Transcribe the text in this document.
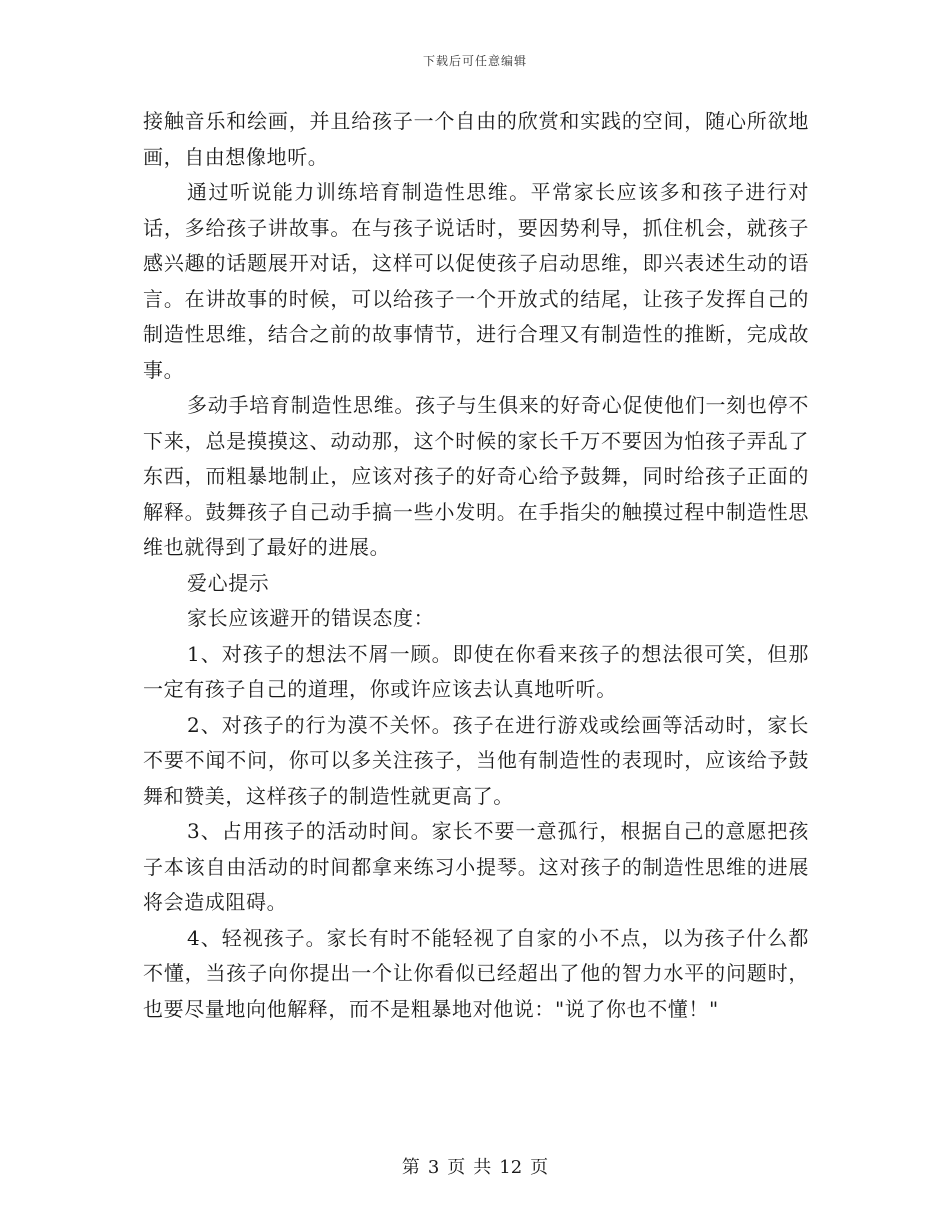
下载后可任意编辑

接触音乐和绘画，并且给孩子一个自由的欣赏和实践的空间，随心所欲地画，自由想像地听。

通过听说能力训练培育制造性思维。平常家长应该多和孩子进行对话，多给孩子讲故事。在与孩子说话时，要因势利导，抓住机会，就孩子感兴趣的话题展开对话，这样可以促使孩子启动思维，即兴表述生动的语言。在讲故事的时候，可以给孩子一个开放式的结尾，让孩子发挥自己的制造性思维，结合之前的故事情节，进行合理又有制造性的推断，完成故事。

多动手培育制造性思维。孩子与生俱来的好奇心促使他们一刻也停不下来，总是摸摸这、动动那，这个时候的家长千万不要因为怕孩子弄乱了东西，而粗暴地制止，应该对孩子的好奇心给予鼓舞，同时给孩子正面的解释。鼓舞孩子自己动手搞一些小发明。在手指尖的触摸过程中制造性思维也就得到了最好的进展。

爱心提示

家长应该避开的错误态度：

1、对孩子的想法不屑一顾。即使在你看来孩子的想法很可笑，但那一定有孩子自己的道理，你或许应该去认真地听听。

2、对孩子的行为漠不关怀。孩子在进行游戏或绘画等活动时，家长不要不闻不问，你可以多关注孩子，当他有制造性的表现时，应该给予鼓舞和赞美，这样孩子的制造性就更高了。

3、占用孩子的活动时间。家长不要一意孤行，根据自己的意愿把孩子本该自由活动的时间都拿来练习小提琴。这对孩子的制造性思维的进展将会造成阻碍。

4、轻视孩子。家长有时不能轻视了自家的小不点，以为孩子什么都不懂，当孩子向你提出一个让你看似已经超出了他的智力水平的问题时，也要尽量地向他解释，而不是粗暴地对他说："说了你也不懂！"

第 3 页 共 12 页
